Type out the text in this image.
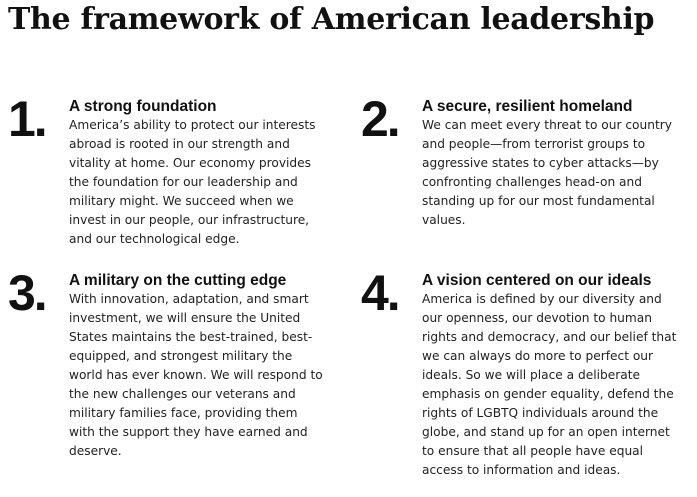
The framework of American leadership
1. A strong foundation

America’s ability to protect our interests
abroad is rooted in our strength and
vitality at home. Our economy provides
the foundation for our leadership and
military might. We succeed when we
invest in our people, our infrastructure,
and our technological edge.

2. A secure, resilient homeland

We can meet every threat to our country
and people—from terrorist groups to
aggressive states to cyber attacks—by
confronting challenges head-on and
standing up for our most fundamental
values.

3. A military on the cutting edge

With innovation, adaptation, and smart
investment, we will ensure the United
States maintains the best-trained, best-
equipped, and strongest military the
world has ever known. We will respond to
the new challenges our veterans and
military families face, providing them
with the support they have earned and
deserve.

4. A vision centered on our ideals

America is defined by our diversity and
our openness, our devotion to human
rights and democracy, and our belief that
we can always do more to perfect our
ideals. So we will place a deliberate
emphasis on gender equality, defend the
rights of LGBTQ individuals around the
globe, and stand up for an open internet
to ensure that all people have equal
access to information and ideas.
